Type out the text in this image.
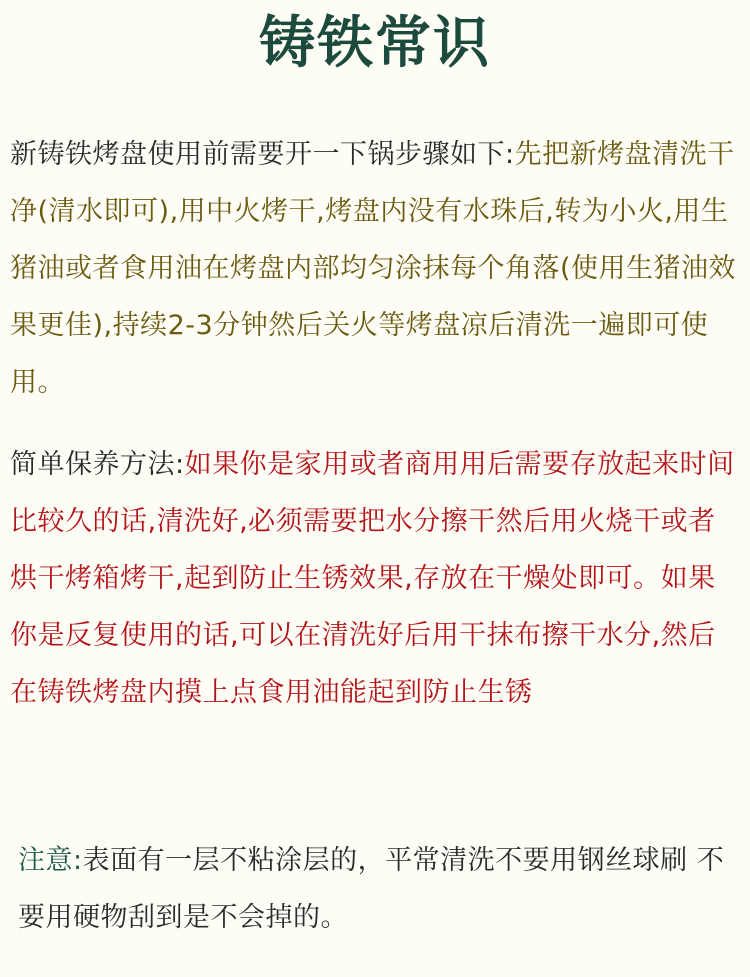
铸铁常识
新铸铁烤盘使用前需要开一下锅步骤如下:先把新烤盘清洗干净(清水即可),用中火烤干,烤盘内没有水珠后,转为小火,用生猪油或者食用油在烤盘内部均匀涂抹每个角落(使用生猪油效果更佳),持续2-3分钟然后关火等烤盘凉后清洗一遍即可使用。
简单保养方法:如果你是家用或者商用用后需要存放起来时间比较久的话,清洗好,必须需要把水分擦干然后用火烧干或者烘干烤箱烤干,起到防止生锈效果,存放在干燥处即可。如果你是反复使用的话,可以在清洗好后用干抹布擦干水分,然后在铸铁烤盘内摸上点食用油能起到防止生锈
注意:表面有一层不粘涂层的，平常清洗不要用钢丝球刷 不要用硬物刮到是不会掉的。
